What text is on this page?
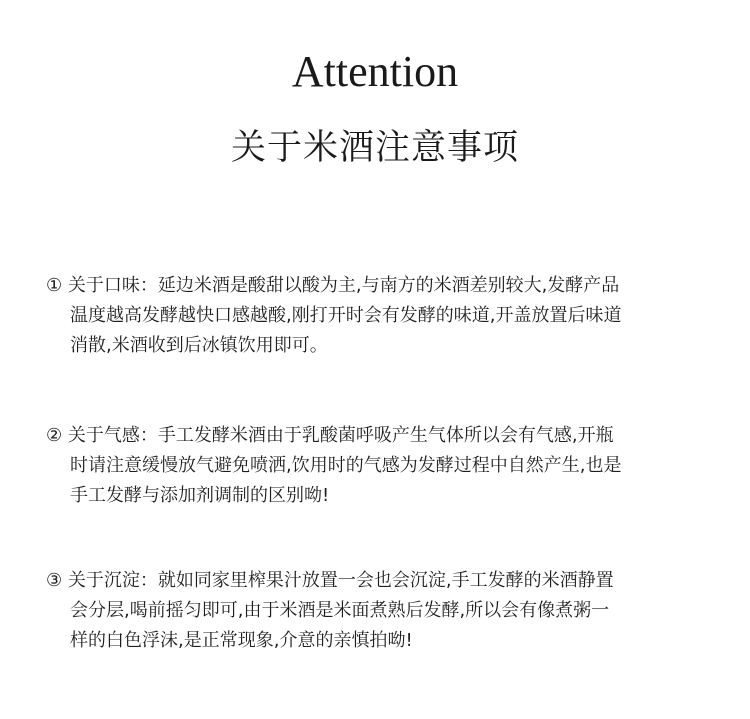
Attention
关于米酒注意事项
① 关于口味：延边米酒是酸甜以酸为主,与南方的米酒差别较大,发酵产品
温度越高发酵越快口感越酸,刚打开时会有发酵的味道,开盖放置后味道
消散,米酒收到后冰镇饮用即可。
② 关于气感：手工发酵米酒由于乳酸菌呼吸产生气体所以会有气感,开瓶
时请注意缓慢放气避免喷洒,饮用时的气感为发酵过程中自然产生,也是
手工发酵与添加剂调制的区别呦!
③ 关于沉淀：就如同家里榨果汁放置一会也会沉淀,手工发酵的米酒静置
会分层,喝前摇匀即可,由于米酒是米面煮熟后发酵,所以会有像煮粥一
样的白色浮沫,是正常现象,介意的亲慎拍呦!
